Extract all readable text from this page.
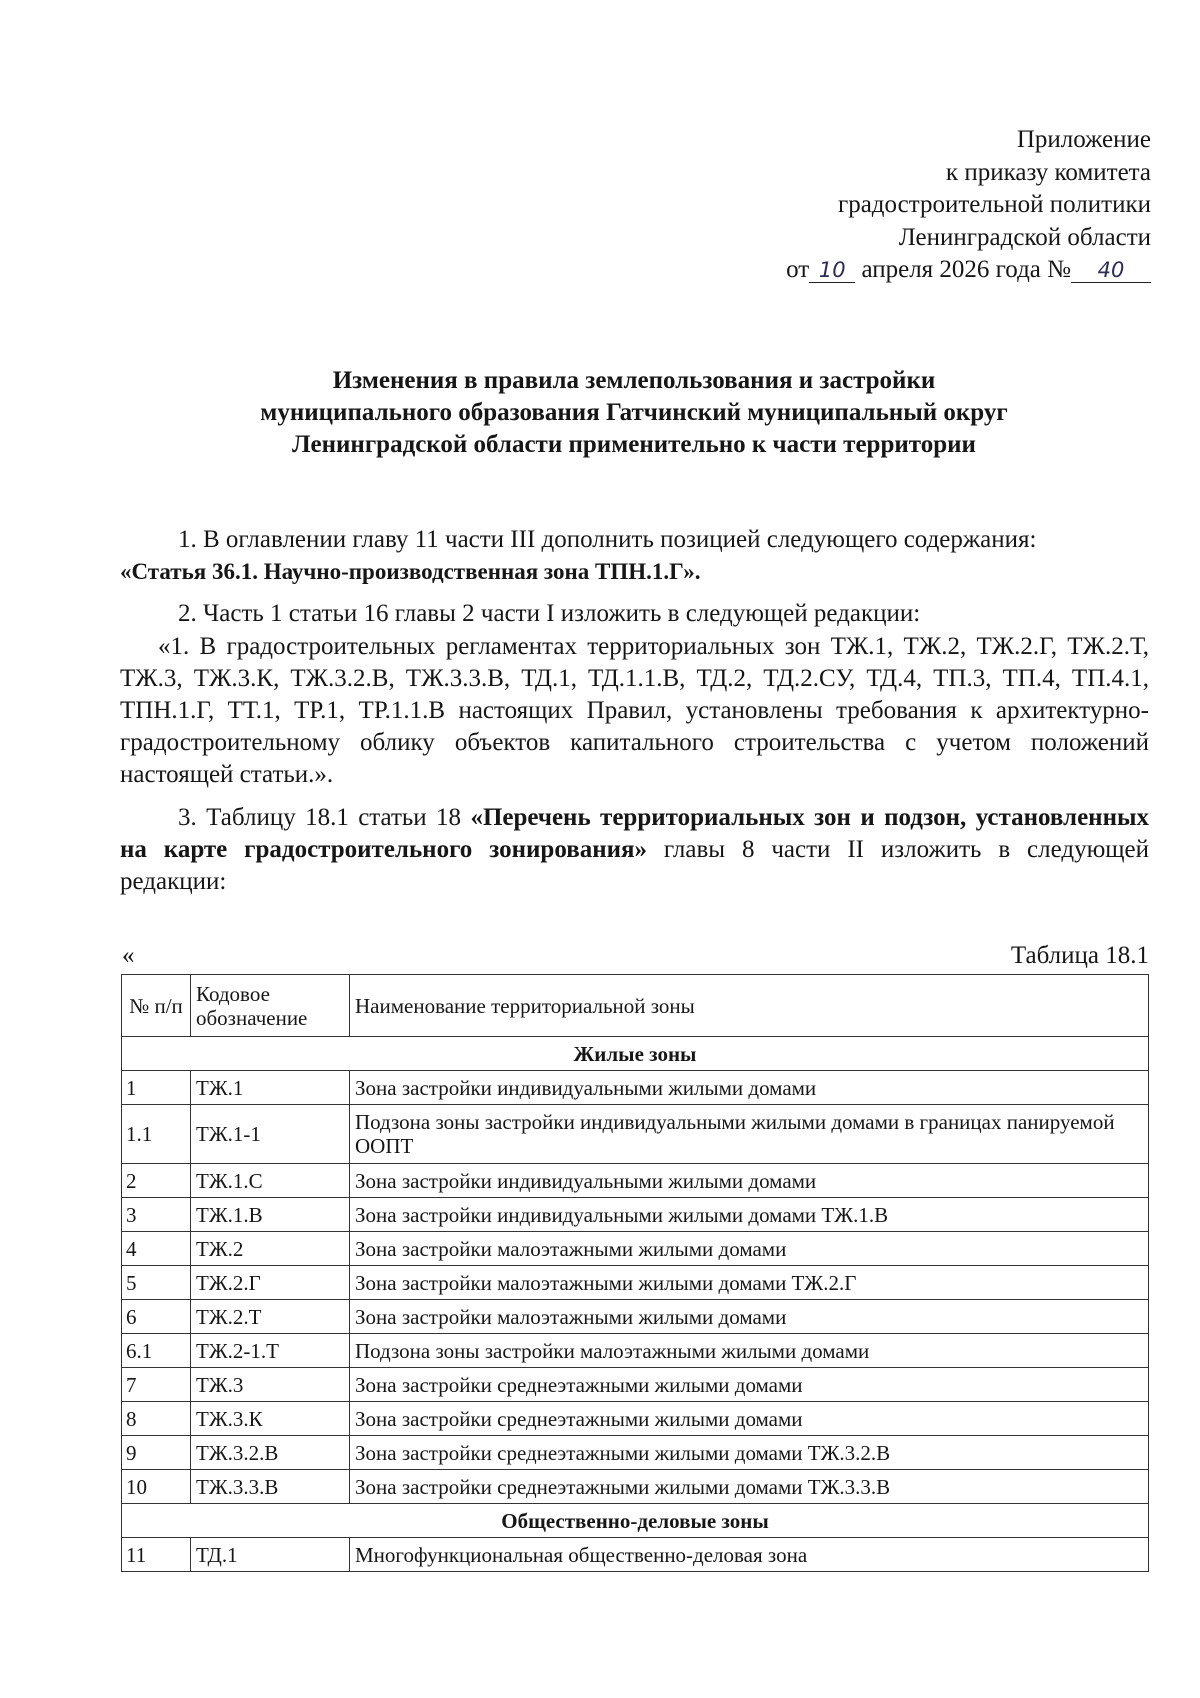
Приложение
к приказу комитета
градостроительной политики
Ленинградской области
от 10 апреля 2026 года № 40
Изменения в правила землепользования и застройки
муниципального образования Гатчинский муниципальный округ
Ленинградской области применительно к части территории

1. В оглавлении главу 11 части III дополнить позицией следующего содержания:

«Статья 36.1. Научно-производственная зона ТПН.1.Г».

2. Часть 1 статьи 16 главы 2 части I изложить в следующей редакции:

«1. В градостроительных регламентах территориальных зон ТЖ.1, ТЖ.2, ТЖ.2.Г, ТЖ.2.Т, ТЖ.3, ТЖ.3.К, ТЖ.3.2.В, ТЖ.3.3.В, ТД.1, ТД.1.1.В, ТД.2, ТД.2.СУ, ТД.4, ТП.3, ТП.4, ТП.4.1, ТПН.1.Г, ТТ.1, ТР.1, ТР.1.1.В настоящих Правил, установлены требования к архитектурно-градостроительному облику объектов капитального строительства с учетом положений настоящей статьи.».

3. Таблицу 18.1 статьи 18 «Перечень территориальных зон и подзон, установленных на карте градостроительного зонирования» главы 8 части II изложить в следующей редакции:

«	Таблица 18.1
№ п/п	Кодовое обозначение	Наименование территориальной зоны
Жилые зоны		
1	ТЖ.1	Зона застройки индивидуальными жилыми домами
1.1	ТЖ.1-1	Подзона зоны застройки индивидуальными жилыми домами в границах панируемой ООПТ
2	ТЖ.1.С	Зона застройки индивидуальными жилыми домами
3	ТЖ.1.В	Зона застройки индивидуальными жилыми домами ТЖ.1.В
4	ТЖ.2	Зона застройки малоэтажными жилыми домами
5	ТЖ.2.Г	Зона застройки малоэтажными жилыми домами ТЖ.2.Г
6	ТЖ.2.Т	Зона застройки малоэтажными жилыми домами
6.1	ТЖ.2-1.Т	Подзона зоны застройки малоэтажными жилыми домами
7	ТЖ.3	Зона застройки среднеэтажными жилыми домами
8	ТЖ.3.К	Зона застройки среднеэтажными жилыми домами
9	ТЖ.3.2.В	Зона застройки среднеэтажными жилыми домами ТЖ.3.2.В
10	ТЖ.3.3.В	Зона застройки среднеэтажными жилыми домами ТЖ.3.3.В
Общественно-деловые зоны		
11	ТД.1	Многофункциональная общественно-деловая зона
